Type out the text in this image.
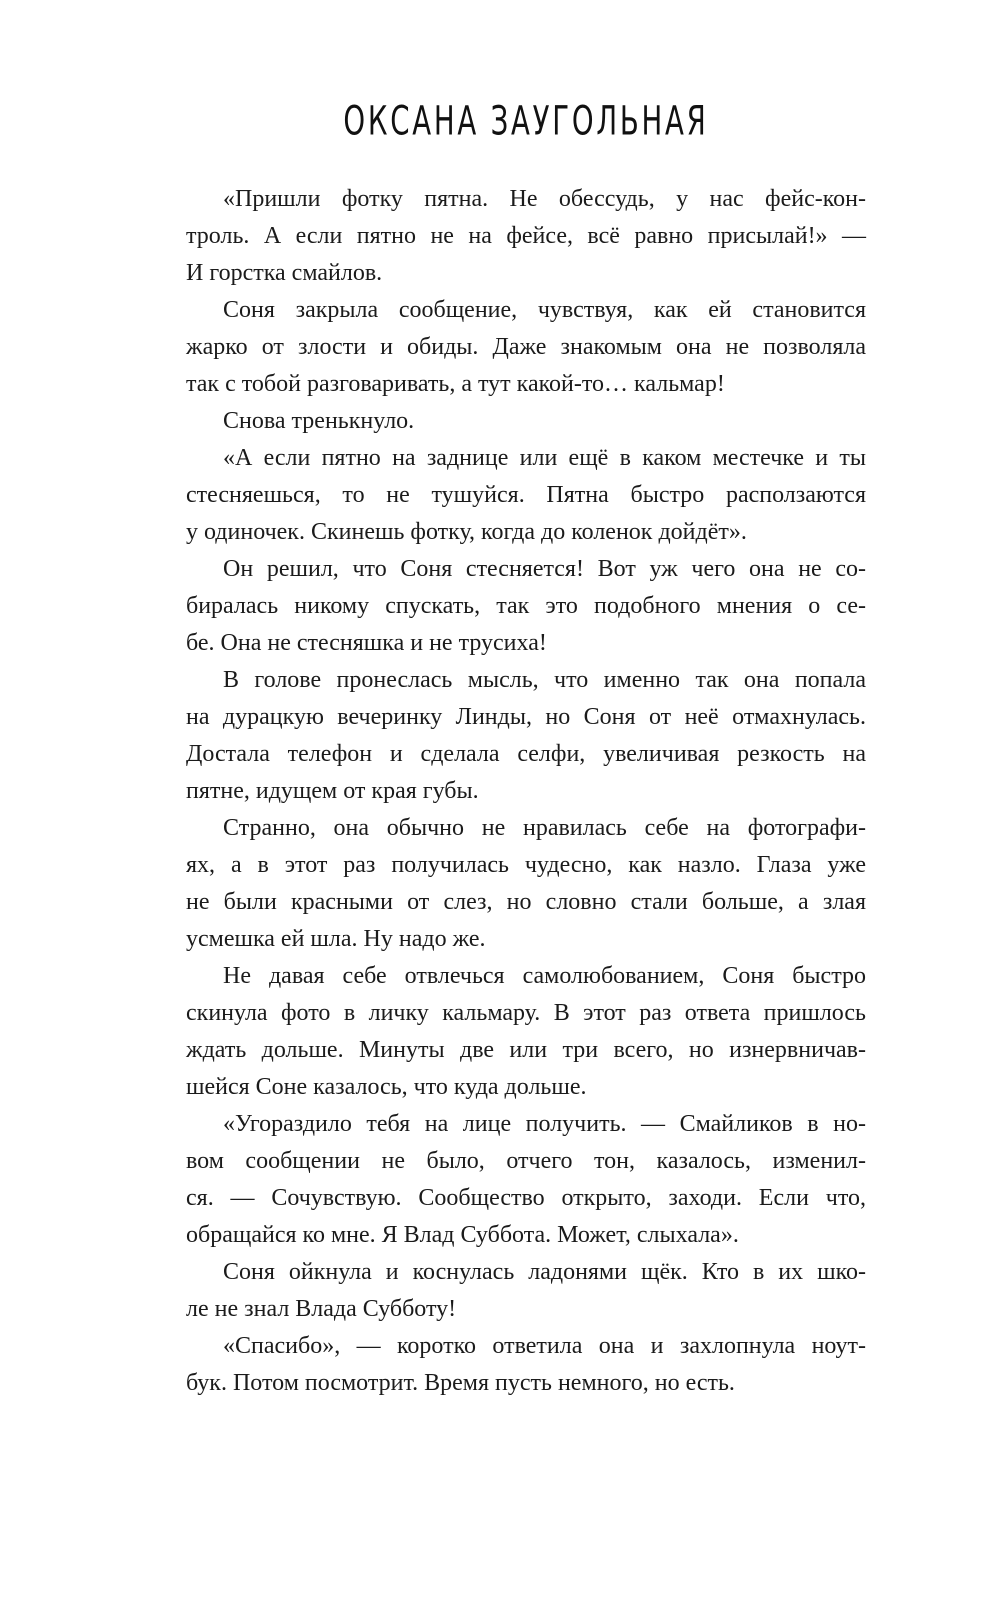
ОКСАНА ЗАУГОЛЬНАЯ
«Пришли фотку пятна. Не обессудь, у нас фейс-кон-
троль. А если пятно не на фейсе, всё равно присылай!» —
И горстка смайлов.
Соня закрыла сообщение, чувствуя, как ей становится
жарко от злости и обиды. Даже знакомым она не позволяла
так с тобой разговаривать, а тут какой-то… кальмар!
Снова тренькнуло.
«А если пятно на заднице или ещё в каком местечке и ты
стесняешься, то не тушуйся. Пятна быстро расползаются
у одиночек. Скинешь фотку, когда до коленок дойдёт».
Он решил, что Соня стесняется! Вот уж чего она не со-
биралась никому спускать, так это подобного мнения о се-
бе. Она не стесняшка и не трусиха!
В голове пронеслась мысль, что именно так она попала
на дурацкую вечеринку Линды, но Соня от неё отмахнулась.
Достала телефон и сделала селфи, увеличивая резкость на
пятне, идущем от края губы.
Странно, она обычно не нравилась себе на фотографи-
ях, а в этот раз получилась чудесно, как назло. Глаза уже
не были красными от слез, но словно стали больше, а злая
усмешка ей шла. Ну надо же.
Не давая себе отвлечься самолюбованием, Соня быстро
скинула фото в личку кальмару. В этот раз ответа пришлось
ждать дольше. Минуты две или три всего, но изнервничав-
шейся Соне казалось, что куда дольше.
«Угораздило тебя на лице получить. — Смайликов в но-
вом сообщении не было, отчего тон, казалось, изменил-
ся. — Сочувствую. Сообщество открыто, заходи. Если что,
обращайся ко мне. Я Влад Суббота. Может, слыхала».
Соня ойкнула и коснулась ладонями щёк. Кто в их шко-
ле не знал Влада Субботу!
«Спасибо», — коротко ответила она и захлопнула ноут-
бук. Потом посмотрит. Время пусть немного, но есть.
